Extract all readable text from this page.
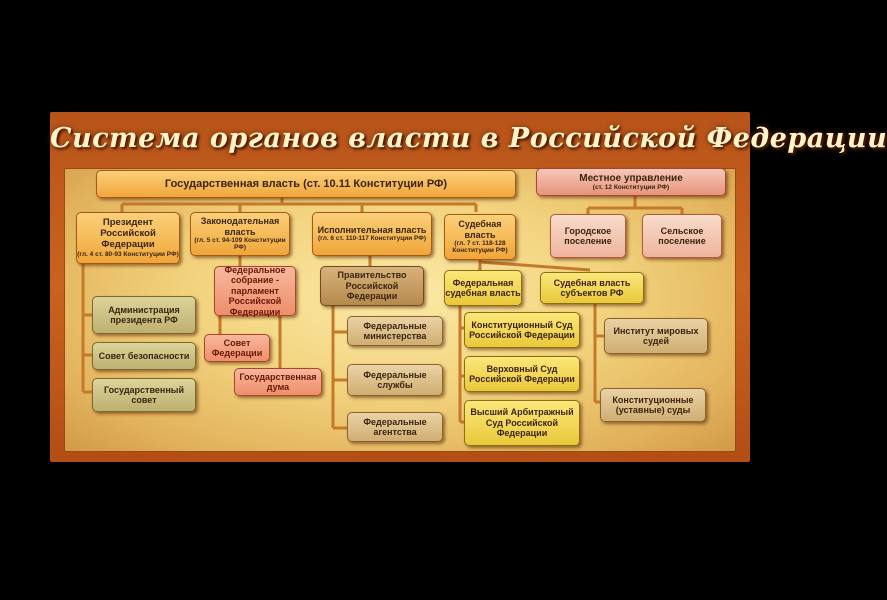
Система органов власти в Российской Федерации
Государственная власть (ст. 10.11 Конституции РФ)	Местное управление
(ст. 12 Конституции РФ)
Городское поселение
Сельское поселение
Президент Российской Федерации
(гл. 4 ст. 80-93 Конституции РФ)
Законодательная власть
(гл. 5 ст. 94-109 Конституции РФ)
Исполнительная власть
(гл. 6 ст. 110-117 Конституции РФ)
Судебная власть
(гл. 7 ст. 118-128 Конституции РФ)
Администрация президента РФ
Совет безопасности
Государственный совет
Федеральное собрание - парламент Российской Федерации
Совет Федерации
Государственная дума
Правительство Российской Федерации
Федеральные министерства
Федеральные службы
Федеральные агентства
Федеральная судебная власть
Судебная власть субъектов РФ
Конституционный Суд Российской Федерации
Верховный Суд Российской Федерации
Высший Арбитражный Суд Российской Федерации
Институт мировых судей
Конституционные (уставные) суды
